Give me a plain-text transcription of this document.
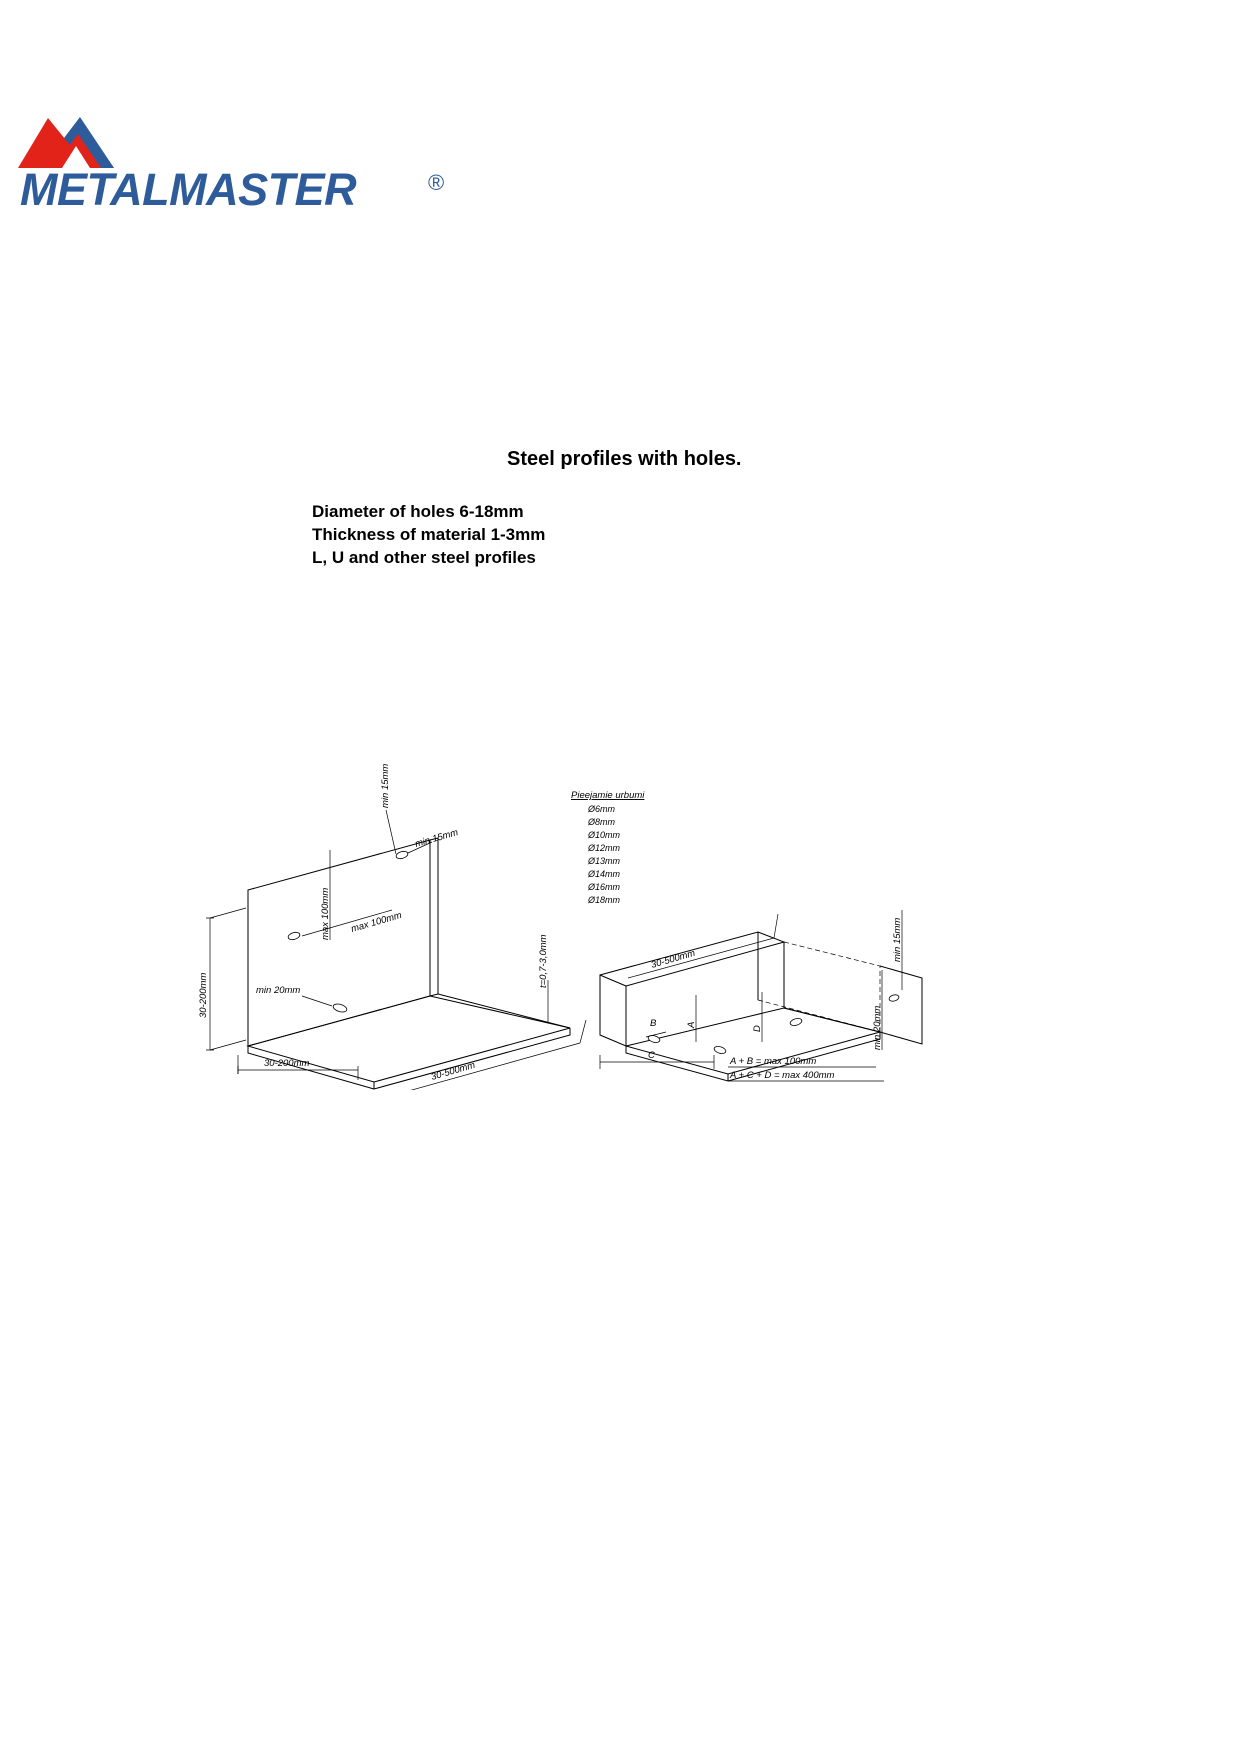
METALMASTER	®
Steel profiles with holes.
Diameter of holes 6-18mm
Thickness of material 1-3mm
L, U and other steel profiles
min 15mm
min 15mm
max 100mm max 100mm
min 20mm
30-200mm
30-200mm	30-500mm
t=0,7-3,0mm
Pieejamie urbumi
Ø6mm
Ø8mm
Ø10mm
Ø12mm
Ø13mm
Ø14mm
Ø16mm
Ø18mm
A
B	D
C
30-500mm	min 15mm
min 20mm
A + B = max 100mm
A + C + D = max 400mm
